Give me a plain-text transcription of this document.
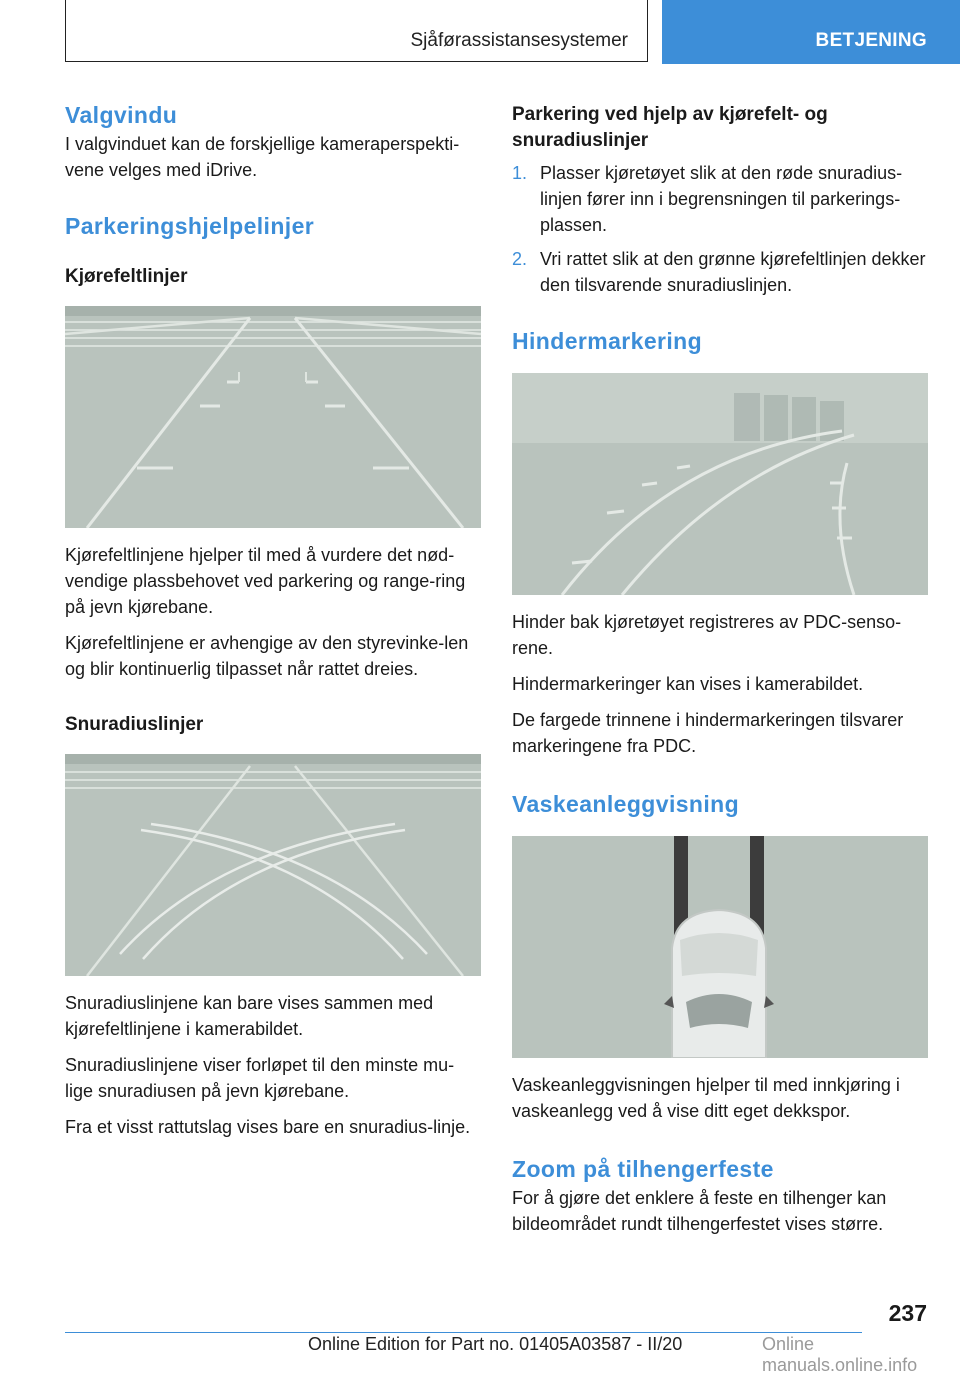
Sjåførassistansesystemer	BETJENING
Valgvindu

I valgvinduet kan de forskjellige kameraperspekti-vene velges med iDrive.

Parkeringshjelpelinjer
Kjørefeltlinjer

Kjørefeltlinjene hjelper til med å vurdere det nød-vendige plassbehovet ved parkering og range-ring på jevn kjørebane.

Kjørefeltlinjene er avhengige av den styrevinke-len og blir kontinuerlig tilpasset når rattet dreies.

Snuradiuslinjer

Snuradiuslinjene kan bare vises sammen med kjørefeltlinjene i kamerabildet.

Snuradiuslinjene viser forløpet til den minste mu-lige snuradiusen på jevn kjørebane.

Fra et visst rattutslag vises bare en snuradius-linje.

Parkering ved hjelp av kjørefelt- og snuradiuslinjer
1. Plasser kjøretøyet slik at den røde snuradius-linjen fører inn i begrensningen til parkerings-plassen.
2. Vri rattet slik at den grønne kjørefeltlinjen dekker den tilsvarende snuradiuslinjen.
Hindermarkering

Hinder bak kjøretøyet registreres av PDC-senso-rene.

Hindermarkeringer kan vises i kamerabildet.

De fargede trinnene i hindermarkeringen tilsvarer markeringene fra PDC.

Vaskeanleggvisning

Vaskeanleggvisningen hjelper til med innkjøring i vaskeanlegg ved å vise ditt eget dekkspor.

Zoom på tilhengerfeste

For å gjøre det enklere å feste en tilhenger kan bildeområdet rundt tilhengerfestet vises større.

237
Online Edition for Part no. 01405A03587 - II/20	Online manuals.online.info
